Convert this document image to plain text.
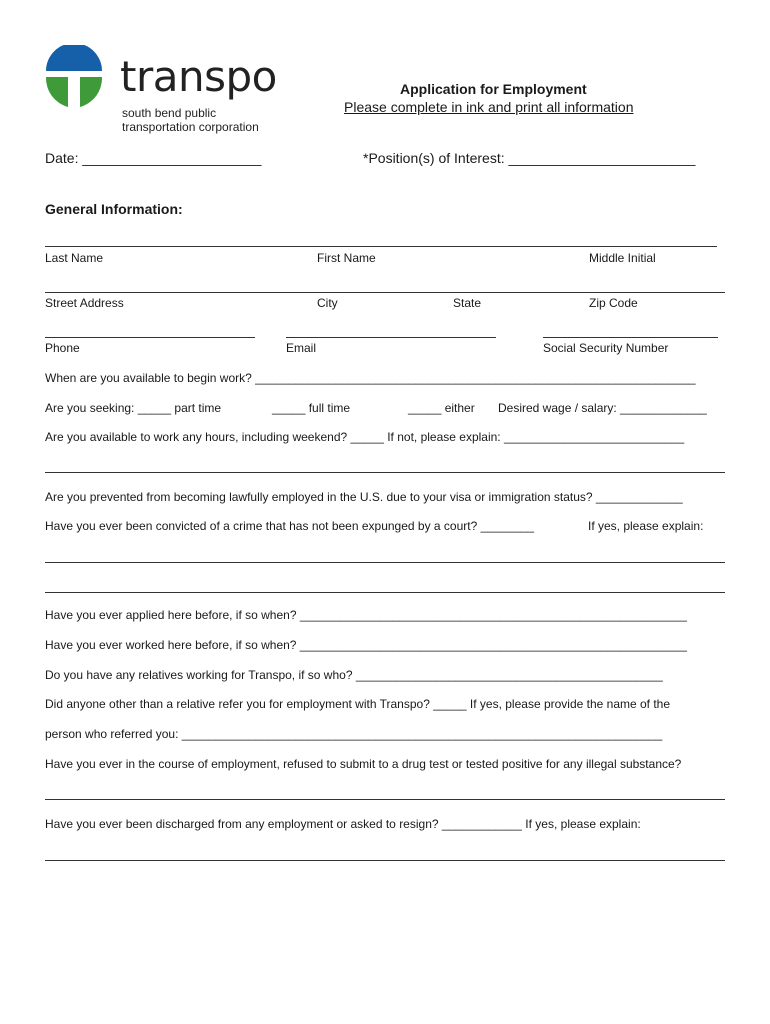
transpo
south bend public
transportation corporation
Application for Employment
Please complete in ink and print all information
Date: _______________________	*Position(s) of Interest: ________________________
General Information:
Last Name	First Name	Middle Initial
Street Address	City	State	Zip Code
Phone	Email	Social Security Number
When are you available to begin work? __________________________________________________________________
Are you seeking: _____ part time	_____ full time	_____ either Desired wage / salary: _____________
Are you available to work any hours, including weekend? _____ If not, please explain: ___________________________
Are you prevented from becoming lawfully employed in the U.S. due to your visa or immigration status? _____________
Have you ever been convicted of a crime that has not been expunged by a court? ________	If yes, please explain:
Have you ever applied here before, if so when? __________________________________________________________
Have you ever worked here before, if so when? __________________________________________________________
Do you have any relatives working for Transpo, if so who? ______________________________________________
Did anyone other than a relative refer you for employment with Transpo? _____ If yes, please provide the name of the
person who referred you: ________________________________________________________________________
Have you ever in the course of employment, refused to submit to a drug test or tested positive for any illegal substance?
Have you ever been discharged from any employment or asked to resign? ____________ If yes, please explain:
